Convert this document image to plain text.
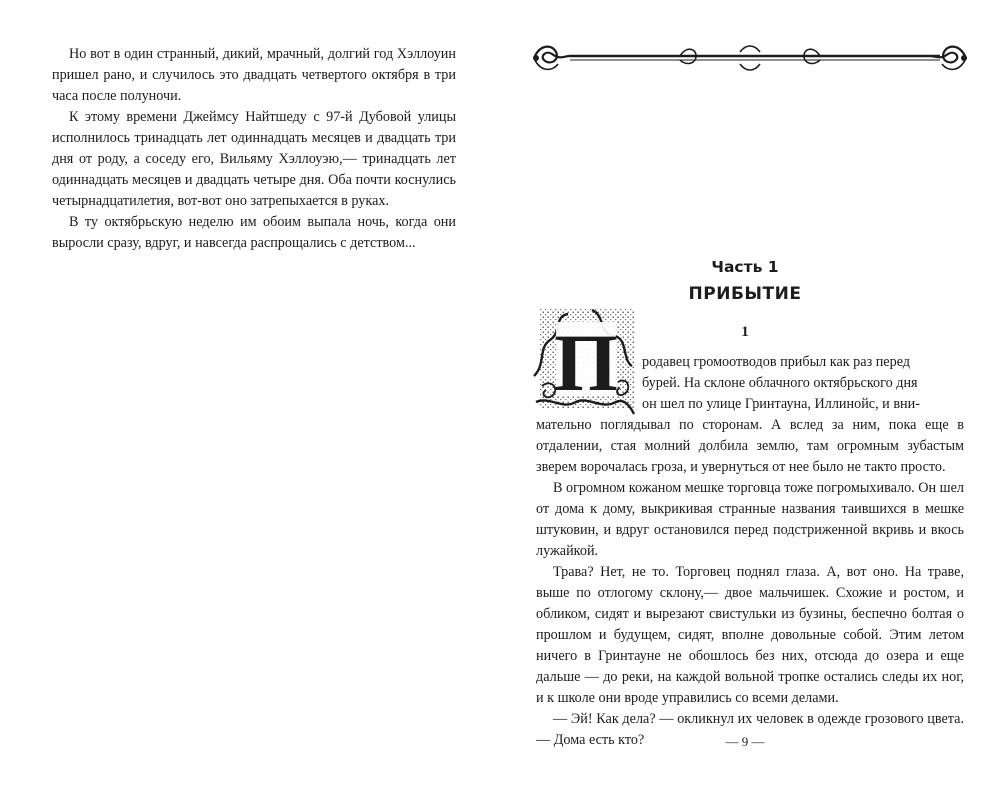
Но вот в один странный, дикий, мрачный, долгий год Хэллоуин пришел рано, и случилось это двадцать четвертого октября в три часа после полуночи.

К этому времени Джеймсу Найтшеду с 97-й Дубовой улицы исполнилось тринадцать лет одиннадцать месяцев и двадцать три дня от роду, а соседу его, Вильяму Хэллоуэю,— тринадцать лет одиннадцать месяцев и двадцать четыре дня. Оба почти коснулись четырнадцатилетия, вот-вот оно затрепыхается в руках.

В ту октябрьскую неделю им обоим выпала ночь, когда они выросли сразу, вдруг, и навсегда распрощались с детством...

Часть 1

ПРИБЫТИЕ

1
П	родавец громоотводов прибыл как раз перед
бурей. На склоне облачного октябрьского дня
он шел по улице Гринтауна, Иллинойс, и вни-

мательно поглядывал по сторонам. А вслед за ним, пока еще в отдалении, стая молний долбила землю, там огромным зубастым зверем ворочалась гроза, и увернуться от нее было не такто просто.

В огромном кожаном мешке торговца тоже погромыхивало. Он шел от дома к дому, выкрикивая странные названия таившихся в мешке штуковин, и вдруг остановился перед подстриженной вкривь и вкось лужайкой.

Трава? Нет, не то. Торговец поднял глаза. А, вот оно. На траве, выше по отлогому склону,— двое мальчишек. Схожие и ростом, и обликом, сидят и вырезают свистульки из бузины, беспечно болтая о прошлом и будущем, сидят, вполне довольные собой. Этим летом ничего в Гринтауне не обошлось без них, отсюда до озера и еще дальше — до реки, на каждой вольной тропке остались следы их ног, и к школе они вроде управились со всеми делами.

— Эй! Как дела? — окликнул их человек в одежде грозового цвета.— Дома есть кто?	— 9 —
